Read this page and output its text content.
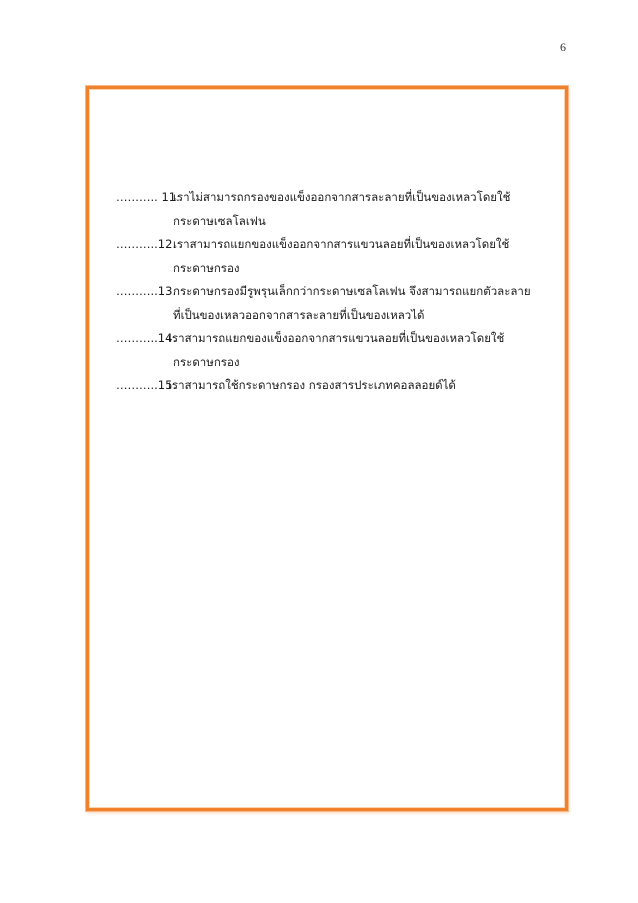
6
……….. 11.
เราไม่สามารถกรองของแข็งออกจากสารละลายที่เป็นของเหลวโดยใช้
กระดาษเซลโลเฟน
………..12.
เราสามารถแยกของแข็งออกจากสารแขวนลอยที่เป็นของเหลวโดยใช้
กระดาษกรอง
………..13.
กระดาษกรองมีรูพรุนเล็กกว่ากระดาษเซลโลเฟน จึงสามารถแยกตัวละลาย
ที่เป็นของเหลวออกจากสารละลายที่เป็นของเหลวได้
………..14.
เราสามารถแยกของแข็งออกจากสารแขวนลอยที่เป็นของเหลวโดยใช้
กระดาษกรอง
………..15.
เราสามารถใช้กระดาษกรอง กรองสารประเภทคอลลอยด์ได้
